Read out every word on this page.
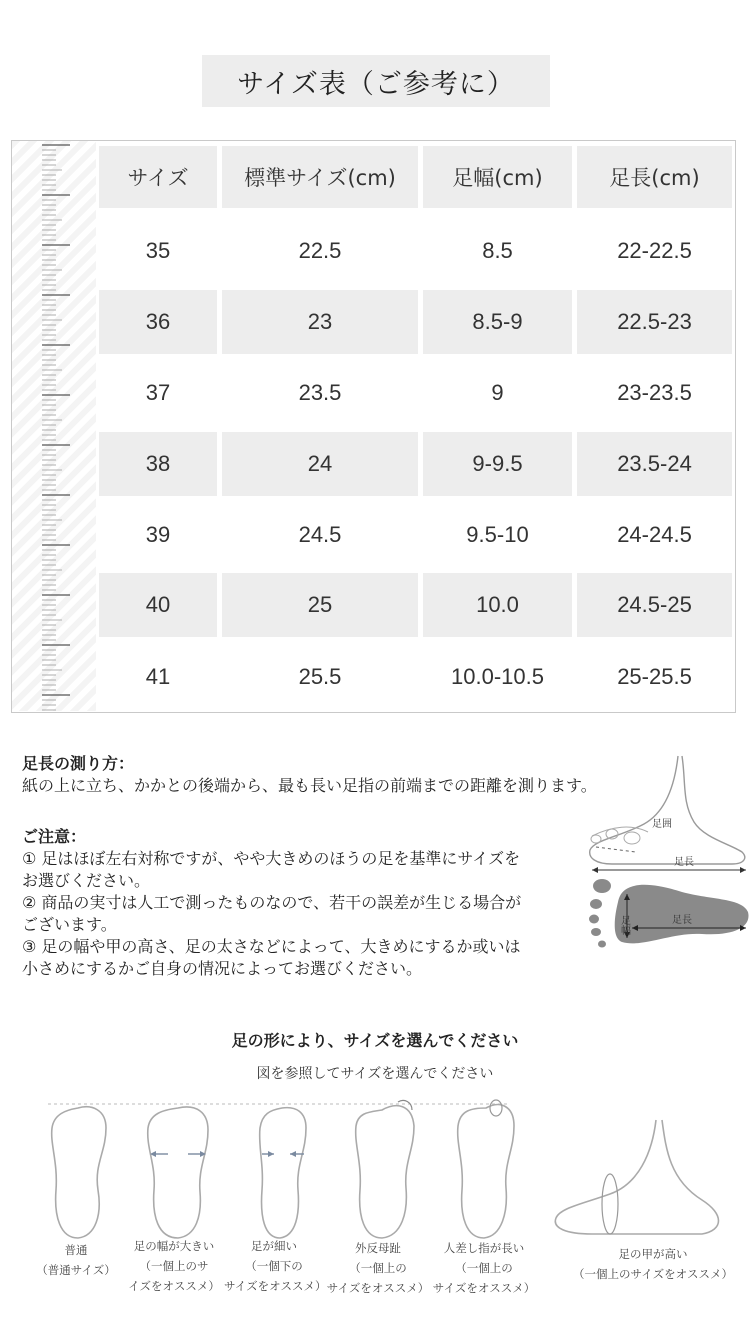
サイズ表（ご参考に）
サイズ	標準サイズ(cm)	足幅(cm)	足長(cm)
35	22.5	8.5	22-22.5
36	23	8.5-9	22.5-23
37	23.5	9	23-23.5
38	24	9-9.5	23.5-24
39	24.5	9.5-10	24-24.5
40	25	10.0	24.5-25
41	25.5	10.0-10.5	25-25.5
足長の測り方：
紙の上に立ち、かかとの後端から、最も長い足指の前端までの距離を測ります。
ご注意：
① 足はほぼ左右対称ですが、やや大きめのほうの足を基準にサイズを
お選びください。
② 商品の実寸は人工で測ったものなので、若干の誤差が生じる場合が
ございます。
③ 足の幅や甲の高さ、足の太さなどによって、大きめにするか或いは
小さめにするかご自身の情况によってお選びください。
足囲
足長
足幅	足長
足の形により、サイズを選んでください
図を参照してサイズを選んでください
普通
（普通サイズ）
足の幅が大きい
（一個上のサ
イズをオススメ）
足が細い
（一個下の
サイズをオススメ）
外反母趾
（一個上の
サイズをオススメ）
人差し指が長い
（一個上の
サイズをオススメ）
足の甲が高い
（一個上のサイズをオススメ）
